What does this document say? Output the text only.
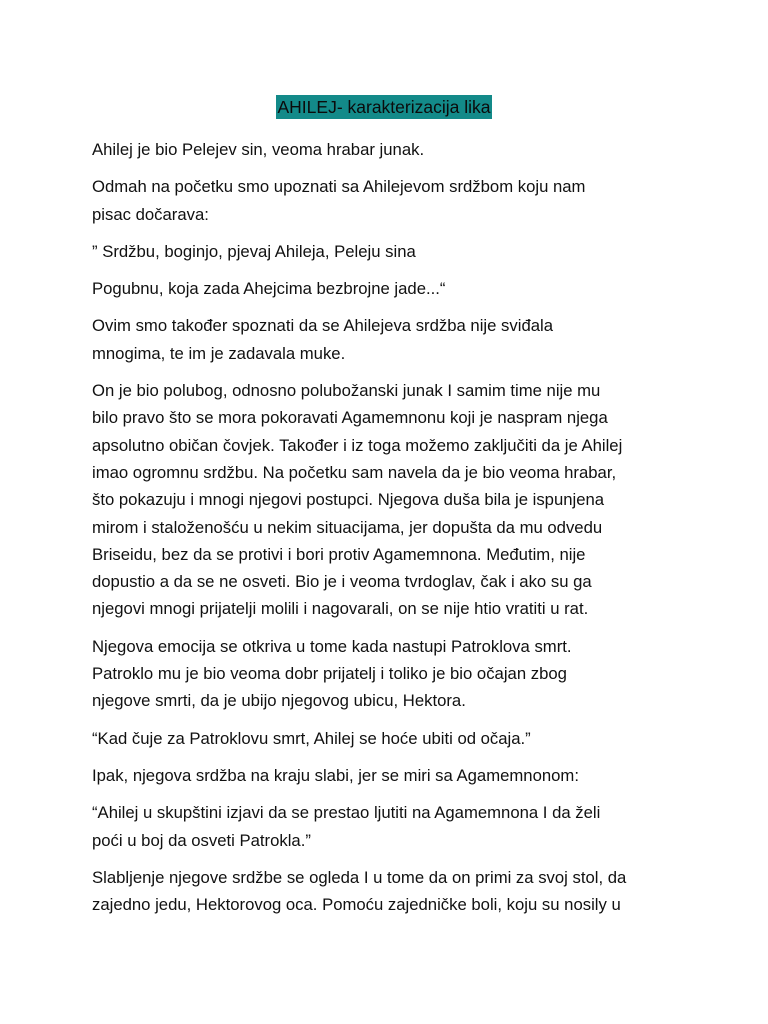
AHILEJ- karakterizacija lika

Ahilej je bio Pelejev sin, veoma hrabar junak.

Odmah na početku smo upoznati sa Ahilejevom srdžbom koju nam
pisac dočarava:

” Srdžbu, boginjo, pjevaj Ahileja, Peleju sina

Pogubnu, koja zada Ahejcima bezbrojne jade...“

Ovim smo također spoznati da se Ahilejeva srdžba nije sviđala
mnogima, te im je zadavala muke.

On je bio polubog, odnosno polubožanski junak I samim time nije mu
bilo pravo što se mora pokoravati Agamemnonu koji je naspram njega
apsolutno običan čovjek. Također i iz toga možemo zaključiti da je Ahilej
imao ogromnu srdžbu. Na početku sam navela da je bio veoma hrabar,
što pokazuju i mnogi njegovi postupci. Njegova duša bila je ispunjena
mirom i staloženošću u nekim situacijama, jer dopušta da mu odvedu
Briseidu, bez da se protivi i bori protiv Agamemnona. Međutim, nije
dopustio a da se ne osveti. Bio je i veoma tvrdoglav, čak i ako su ga
njegovi mnogi prijatelji molili i nagovarali, on se nije htio vratiti u rat.

Njegova emocija se otkriva u tome kada nastupi Patroklova smrt.
Patroklo mu je bio veoma dobr prijatelj i toliko je bio očajan zbog
njegove smrti, da je ubijo njegovog ubicu, Hektora.

“Kad čuje za Patroklovu smrt, Ahilej se hoće ubiti od očaja.”

Ipak, njegova srdžba na kraju slabi, jer se miri sa Agamemnonom:

“Ahilej u skupštini izjavi da se prestao ljutiti na Agamemnona I da želi
poći u boj da osveti Patrokla.”

Slabljenje njegove srdžbe se ogleda I u tome da on primi za svoj stol, da
zajedno jedu, Hektorovog oca. Pomoću zajedničke boli, koju su nosily u
